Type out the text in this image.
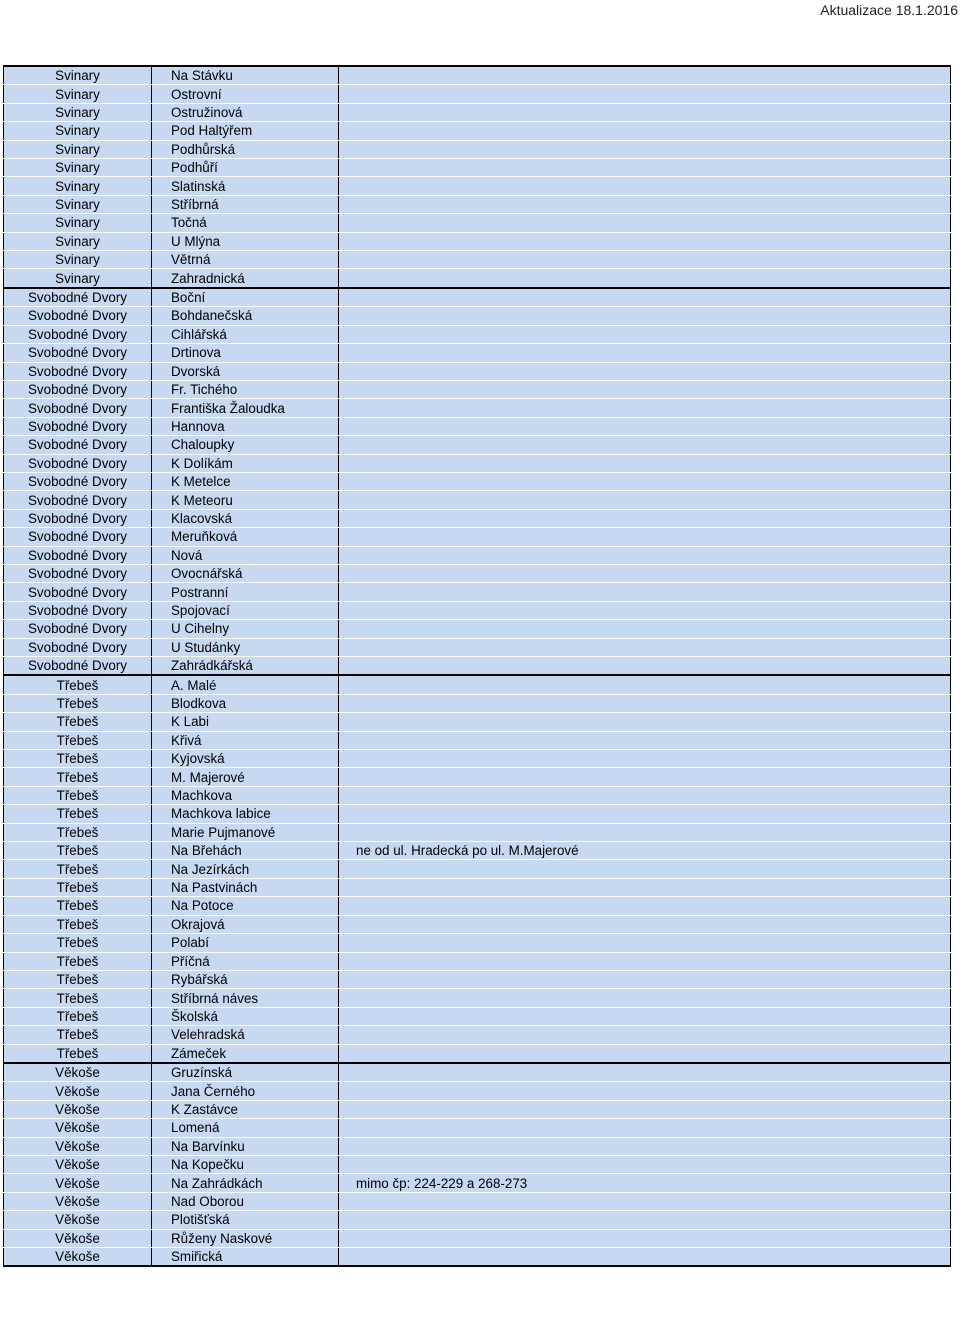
Aktualizace 18.1.2016
Svinary	Na Stávku	
Svinary	Ostrovní	
Svinary	Ostružinová	
Svinary	Pod Haltýřem	
Svinary	Podhůrská	
Svinary	Podhůří	
Svinary	Slatinská	
Svinary	Stříbrná	
Svinary	Točná	
Svinary	U Mlýna	
Svinary	Větrná	
Svinary	Zahradnická	
Svobodné Dvory	Boční	
Svobodné Dvory	Bohdanečská	
Svobodné Dvory	Cihlářská	
Svobodné Dvory	Drtinova	
Svobodné Dvory	Dvorská	
Svobodné Dvory	Fr. Tichého	
Svobodné Dvory	Františka Žaloudka	
Svobodné Dvory	Hannova	
Svobodné Dvory	Chaloupky	
Svobodné Dvory	K Dolíkám	
Svobodné Dvory	K Metelce	
Svobodné Dvory	K Meteoru	
Svobodné Dvory	Klacovská	
Svobodné Dvory	Meruňková	
Svobodné Dvory	Nová	
Svobodné Dvory	Ovocnářská	
Svobodné Dvory	Postranní	
Svobodné Dvory	Spojovací	
Svobodné Dvory	U Cihelny	
Svobodné Dvory	U Studánky	
Svobodné Dvory	Zahrádkářská	
Třebeš	A. Malé	
Třebeš	Blodkova	
Třebeš	K Labi	
Třebeš	Křivá	
Třebeš	Kyjovská	
Třebeš	M. Majerové	
Třebeš	Machkova	
Třebeš	Machkova labice	
Třebeš	Marie Pujmanové	
Třebeš	Na Břehách	ne od ul. Hradecká po ul. M.Majerové
Třebeš	Na Jezírkách	
Třebeš	Na Pastvinách	
Třebeš	Na Potoce	
Třebeš	Okrajová	
Třebeš	Polabí	
Třebeš	Příčná	
Třebeš	Rybářská	
Třebeš	Stříbrná náves	
Třebeš	Školská	
Třebeš	Velehradská	
Třebeš	Zámeček	
Věkoše	Gruzínská	
Věkoše	Jana Černého	
Věkoše	K Zastávce	
Věkoše	Lomená	
Věkoše	Na Barvínku	
Věkoše	Na Kopečku	
Věkoše	Na Zahrádkách	mimo čp: 224-229 a 268-273
Věkoše	Nad Oborou	
Věkoše	Plotišťská	
Věkoše	Růženy Naskové	
Věkoše	Smiřická	
